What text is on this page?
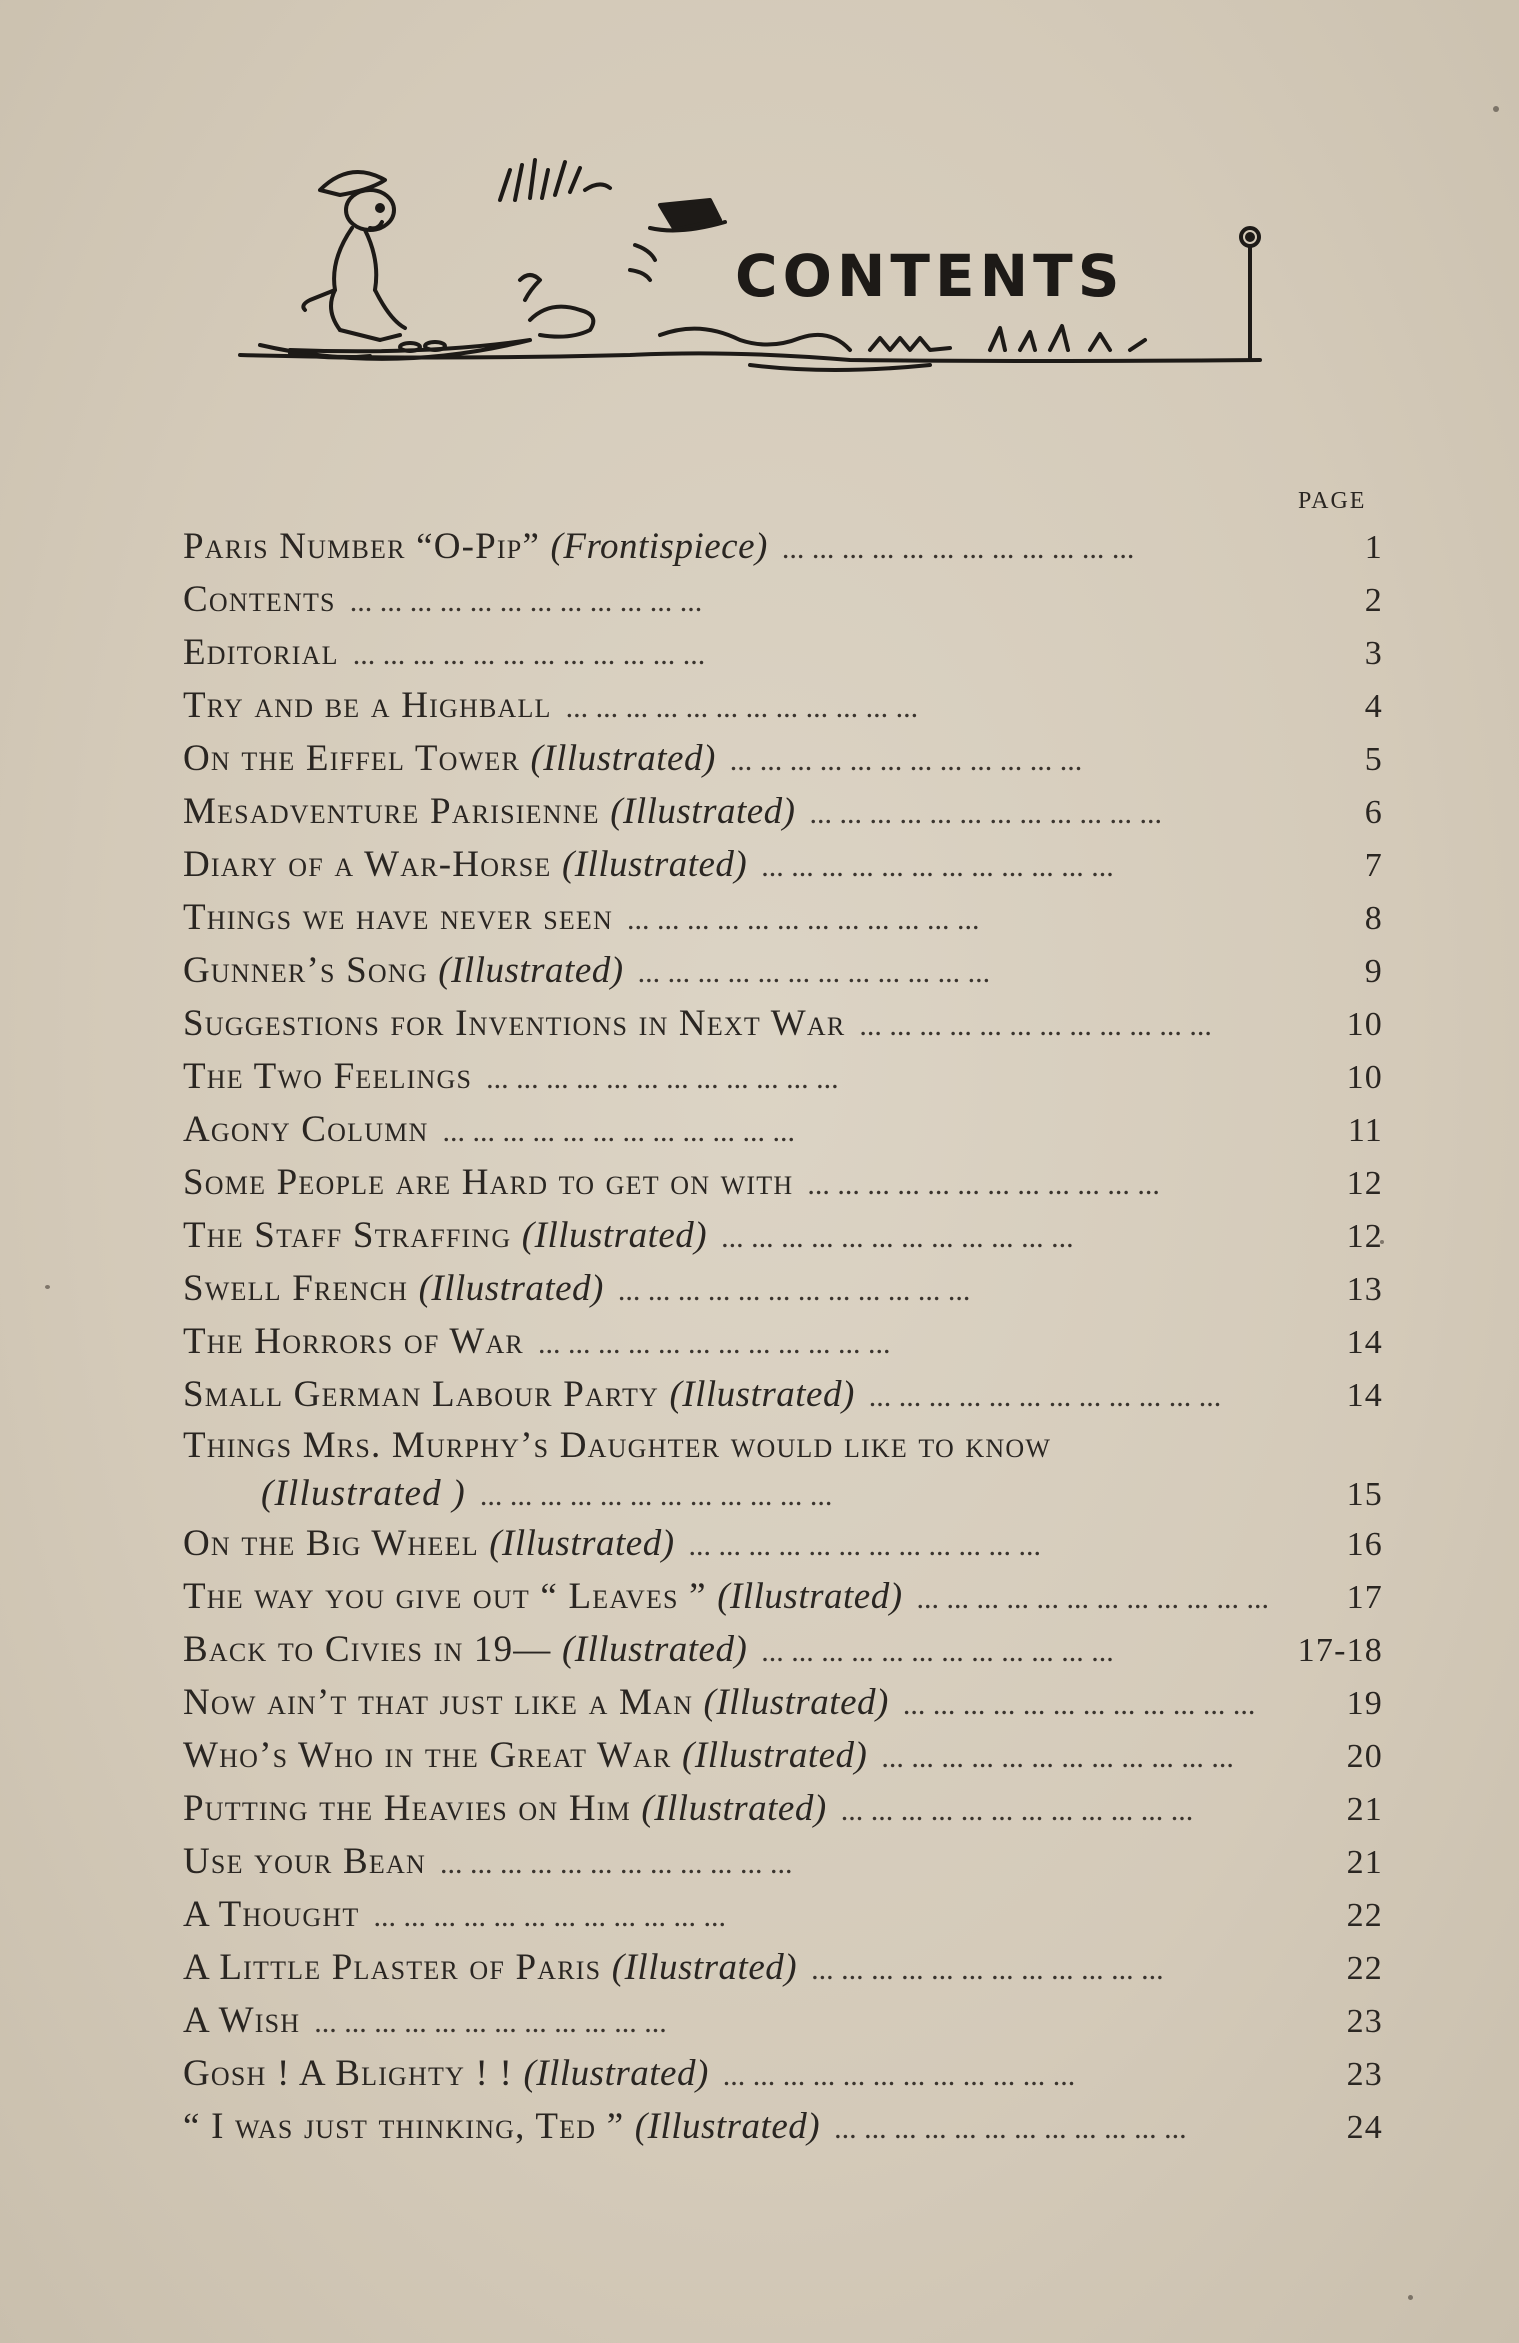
CONTENTS
PAGE
Paris Number “O-Pip” (Frontispiece) ... ... ... ... ... ... ... ... ... ... ... ...	1
Contents ... ... ... ... ... ... ... ... ... ... ... ...	2
Editorial ... ... ... ... ... ... ... ... ... ... ... ...	3
Try and be a Highball ... ... ... ... ... ... ... ... ... ... ... ...	4
On the Eiffel Tower (Illustrated) ... ... ... ... ... ... ... ... ... ... ... ...	5
Mesadventure Parisienne (Illustrated) ... ... ... ... ... ... ... ... ... ... ... ...	6
Diary of a War-Horse (Illustrated) ... ... ... ... ... ... ... ... ... ... ... ...	7
Things we have never seen ... ... ... ... ... ... ... ... ... ... ... ...	8
Gunner’s Song (Illustrated) ... ... ... ... ... ... ... ... ... ... ... ...	9
Suggestions for Inventions in Next War ... ... ... ... ... ... ... ... ... ... ... ...	10
The Two Feelings ... ... ... ... ... ... ... ... ... ... ... ...	10
Agony Column ... ... ... ... ... ... ... ... ... ... ... ...	11
Some People are Hard to get on with ... ... ... ... ... ... ... ... ... ... ... ...	12
The Staff Straffing (Illustrated) ... ... ... ... ... ... ... ... ... ... ... ...	12
Swell French (Illustrated) ... ... ... ... ... ... ... ... ... ... ... ...	13
The Horrors of War ... ... ... ... ... ... ... ... ... ... ... ...	14
Small German Labour Party (Illustrated) ... ... ... ... ... ... ... ... ... ... ... ...	14
Things Mrs. Murphy’s Daughter would like to know
(Illustrated ) ... ... ... ... ... ... ... ... ... ... ... ...	15
On the Big Wheel (Illustrated) ... ... ... ... ... ... ... ... ... ... ... ...	16
The way you give out “ Leaves ” (Illustrated) ... ... ... ... ... ... ... ... ... ... ... ...	17
Back to Civies in 19— (Illustrated) ... ... ... ... ... ... ... ... ... ... ... ...	17-18
Now ain’t that just like a Man (Illustrated) ... ... ... ... ... ... ... ... ... ... ... ...	19
Who’s Who in the Great War (Illustrated) ... ... ... ... ... ... ... ... ... ... ... ...	20
Putting the Heavies on Him (Illustrated) ... ... ... ... ... ... ... ... ... ... ... ...	21
Use your Bean ... ... ... ... ... ... ... ... ... ... ... ...	21
A Thought ... ... ... ... ... ... ... ... ... ... ... ...	22
A Little Plaster of Paris (Illustrated) ... ... ... ... ... ... ... ... ... ... ... ...	22
A Wish ... ... ... ... ... ... ... ... ... ... ... ...	23
Gosh ! A Blighty ! ! (Illustrated) ... ... ... ... ... ... ... ... ... ... ... ...	23
“ I was just thinking, Ted ” (Illustrated) ... ... ... ... ... ... ... ... ... ... ... ...	24
